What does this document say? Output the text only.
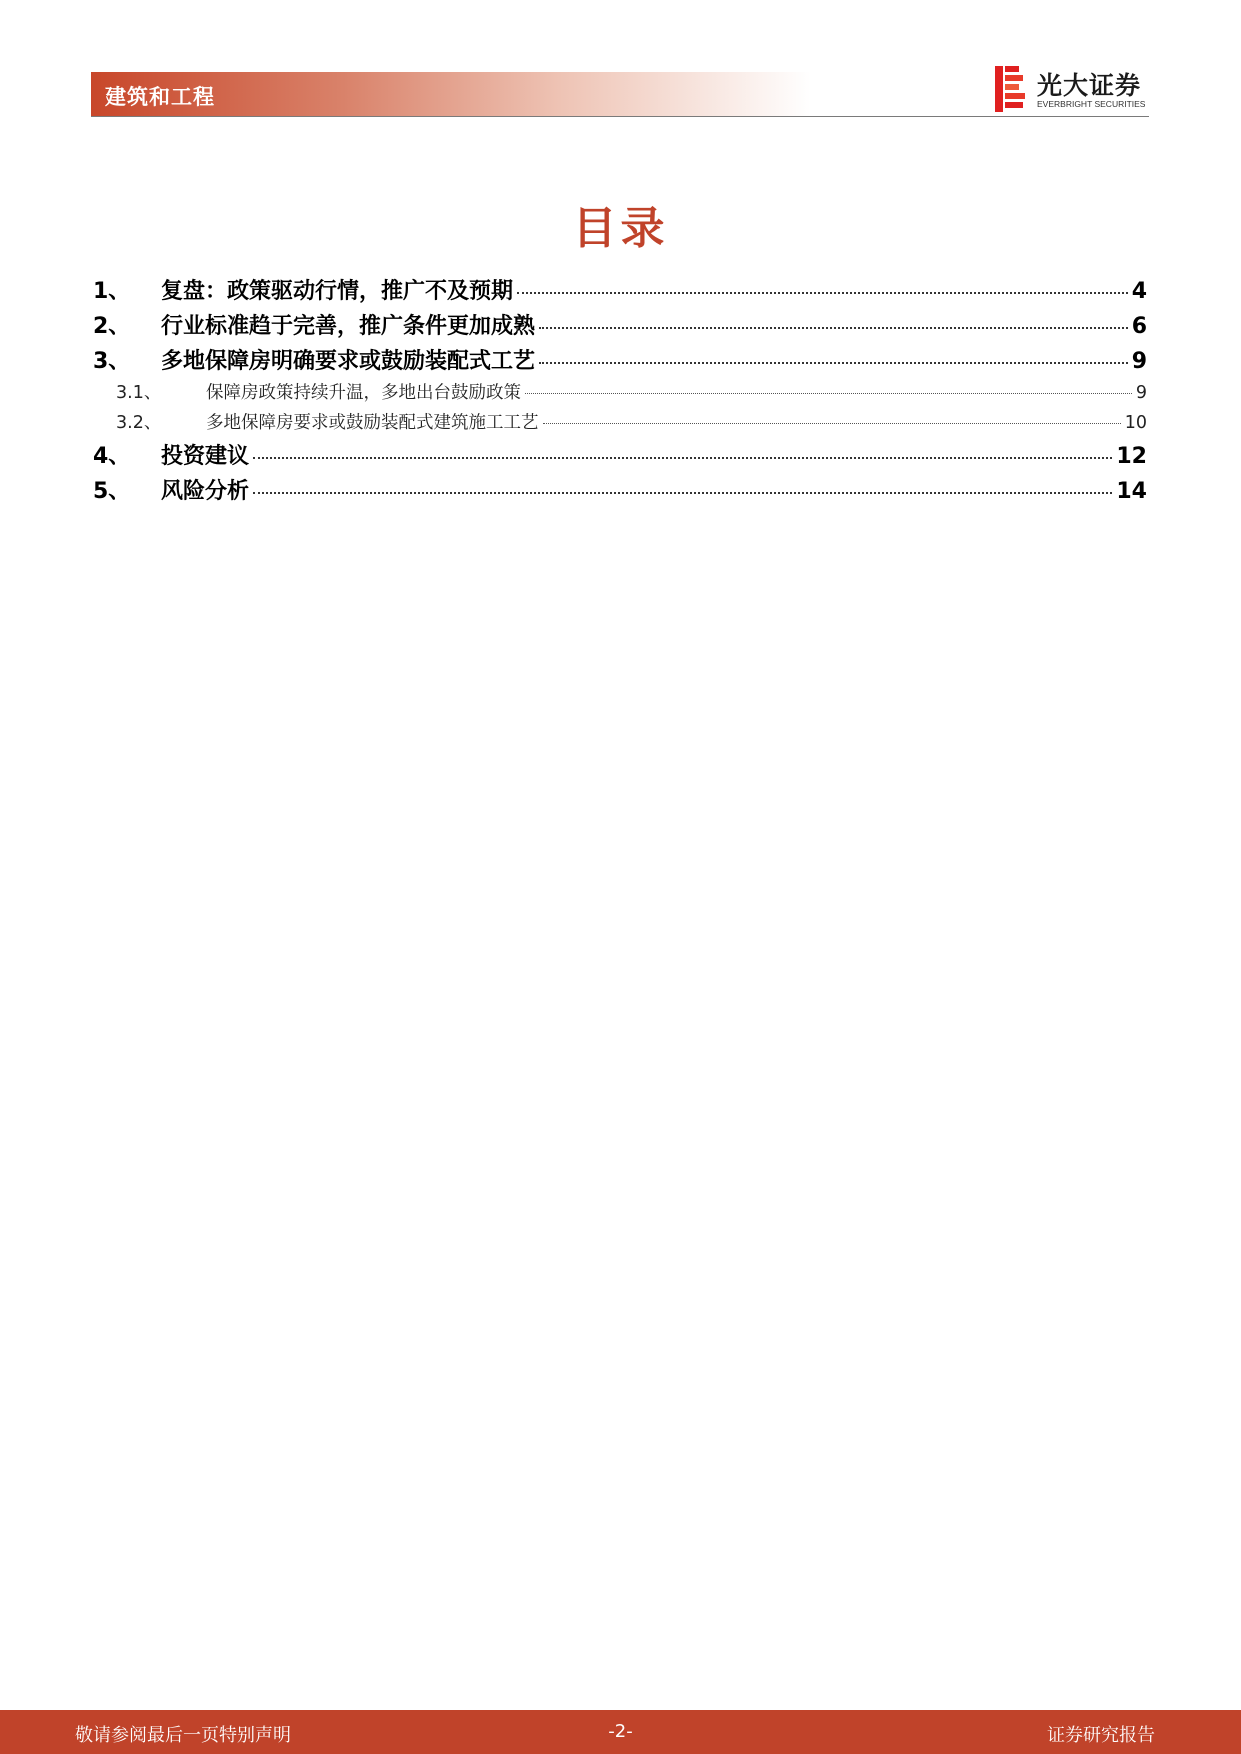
建筑和工程	光大证券
EVERBRIGHT SECURITIES
目录
1、	复盘：政策驱动行情，推广不及预期	4
2、	行业标准趋于完善，推广条件更加成熟	6
3、	多地保障房明确要求或鼓励装配式工艺	9
3.1、	保障房政策持续升温，多地出台鼓励政策	9
3.2、	多地保障房要求或鼓励装配式建筑施工工艺	10
4、	投资建议	12
5、	风险分析	14
敬请参阅最后一页特别声明	-2-	证券研究报告
